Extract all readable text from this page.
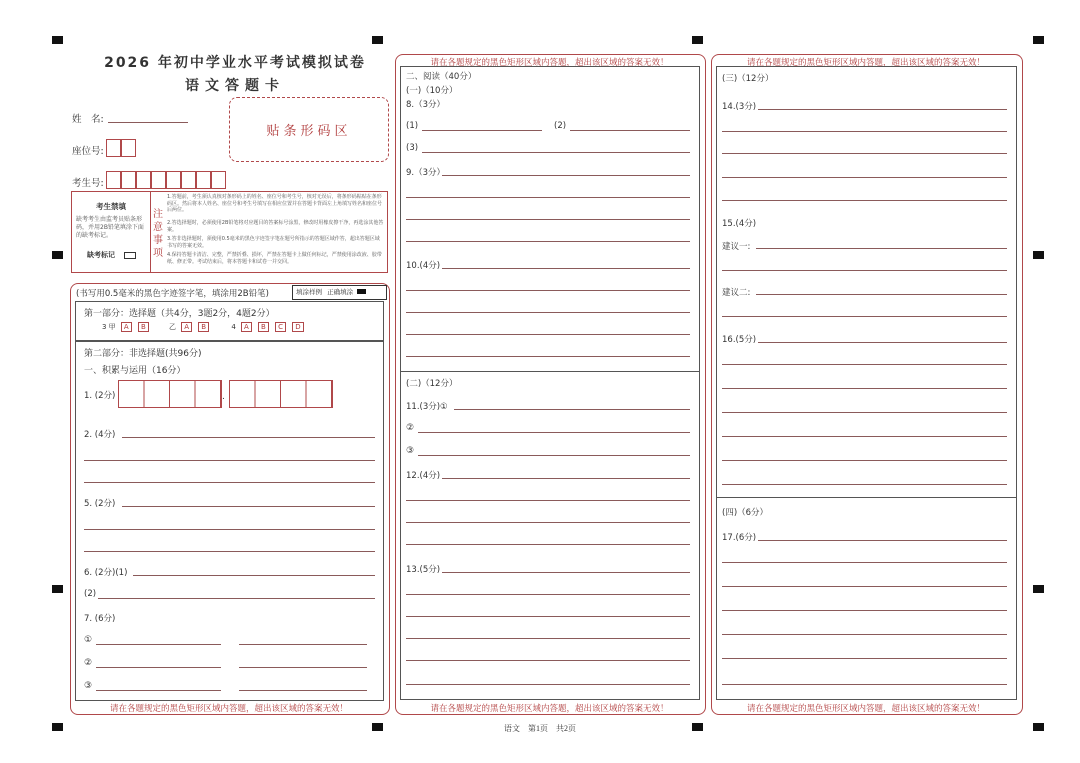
2026 年初中学业水平考试模拟试卷
语文答题卡
姓　名:
座位号:
考生号:
贴条形码区
考生禁填
缺考考生由监考员贴条形码，并用2B铅笔填涂下面的缺考标记。
缺考标记
注意事项
1.答题前，考生须认真核对条形码上的姓名、座位号和考生号，核对无误后，将条形码粘贴在条形码区。然后将本人姓名、座位号和考生号填写在相应位置并在答题卡背面左上角填写姓名和座位号后两位。
2.答选择题时，必须使用2B铅笔将对应题目的答案标号涂黑，修改时用橡皮擦干净，再选涂其他答案。
3.答非选择题时，须使用0.5毫米的黑色字迹签字笔在题号所指示的答题区域作答，超出答题区域书写的答案无效。
4.保持答题卡清洁、完整，严禁折叠、损坏，严禁在答题卡上做任何标记，严禁使用涂改液、胶带纸、修正带。考试结束后，将本答题卡和试卷一并交回。
(书写用0.5毫米的黑色字迹签字笔，填涂用2B铅笔)	填涂样例 正确填涂
第一部分：选择题（共4分，3题2分，4题2分）
3 甲 A B	乙 A B	4 A B C D
第二部分：非选择题(共96分)
一、积累与运用（16分）
1. (2分)	.
2. (4分)
5. (2分)
6. (2分)(1)
(2)
7. (6分)
①
②
③
请在各题规定的黑色矩形区域内答题，超出该区域的答案无效！
请在各题规定的黑色矩形区域内答题，超出该区域的答案无效！
请在各题规定的黑色矩形区域内答题，超出该区域的答案无效！
二、阅读（40分）
(一)（10分）
8.（3分）
(1)	(2)
(3)
9.（3分）
10.(4分)
(二)（12分）
11.(3分)①
②
③
12.(4分)
13.(5分)
请在各题规定的黑色矩形区域内答题，超出该区域的答案无效！
请在各题规定的黑色矩形区域内答题，超出该区域的答案无效！
(三)（12分）
14.(3分)
15.(4分)
建议一:
建议二:
16.(5分)
(四)（6分）
17.(6分)
语文　第1页　共2页
